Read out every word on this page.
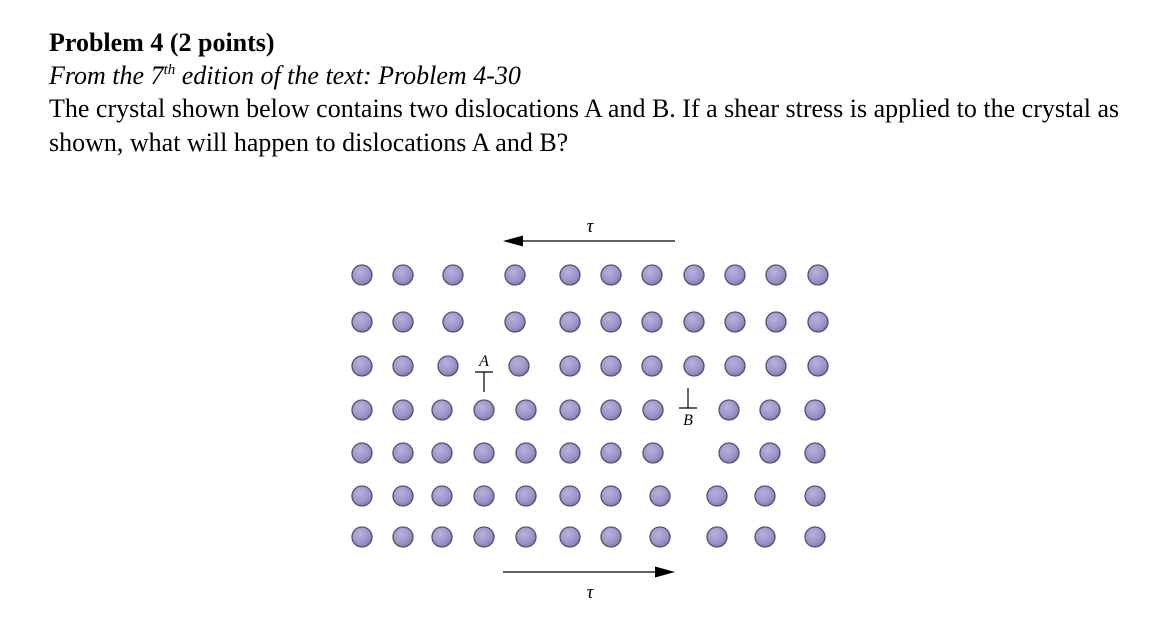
Problem 4 (2 points)

From the 7th edition of the text: Problem 4-30

The crystal shown below contains two dislocations A and B. If a shear stress is applied to the crystal as shown, what will happen to dislocations A and B?

τ
τ
A
B
